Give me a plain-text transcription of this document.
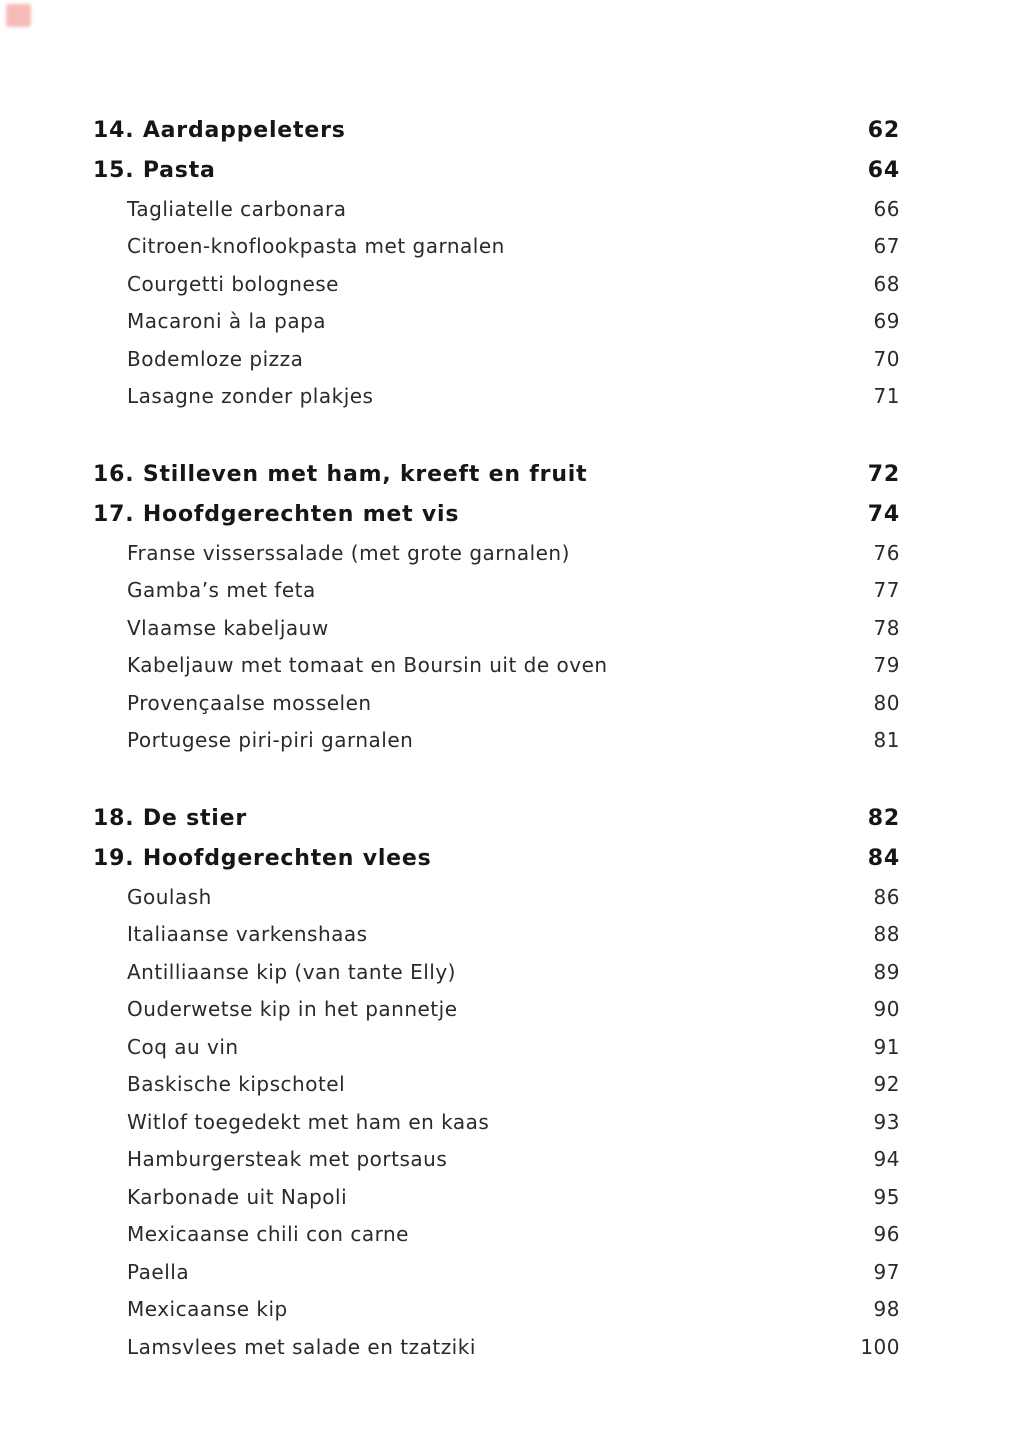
14. Aardappeleters	62
15. Pasta	64
Tagliatelle carbonara	66
Citroen-knoflookpasta met garnalen	67
Courgetti bolognese	68
Macaroni à la papa	69
Bodemloze pizza	70
Lasagne zonder plakjes	71
16. Stilleven met ham, kreeft en fruit	72
17. Hoofdgerechten met vis	74
Franse visserssalade (met grote garnalen)	76
Gamba’s met feta	77
Vlaamse kabeljauw	78
Kabeljauw met tomaat en Boursin uit de oven	79
Provençaalse mosselen	80
Portugese piri-piri garnalen	81
18. De stier	82
19. Hoofdgerechten vlees	84
Goulash	86
Italiaanse varkenshaas	88
Antilliaanse kip (van tante Elly)	89
Ouderwetse kip in het pannetje	90
Coq au vin	91
Baskische kipschotel	92
Witlof toegedekt met ham en kaas	93
Hamburgersteak met portsaus	94
Karbonade uit Napoli	95
Mexicaanse chili con carne	96
Paella	97
Mexicaanse kip	98
Lamsvlees met salade en tzatziki	100
